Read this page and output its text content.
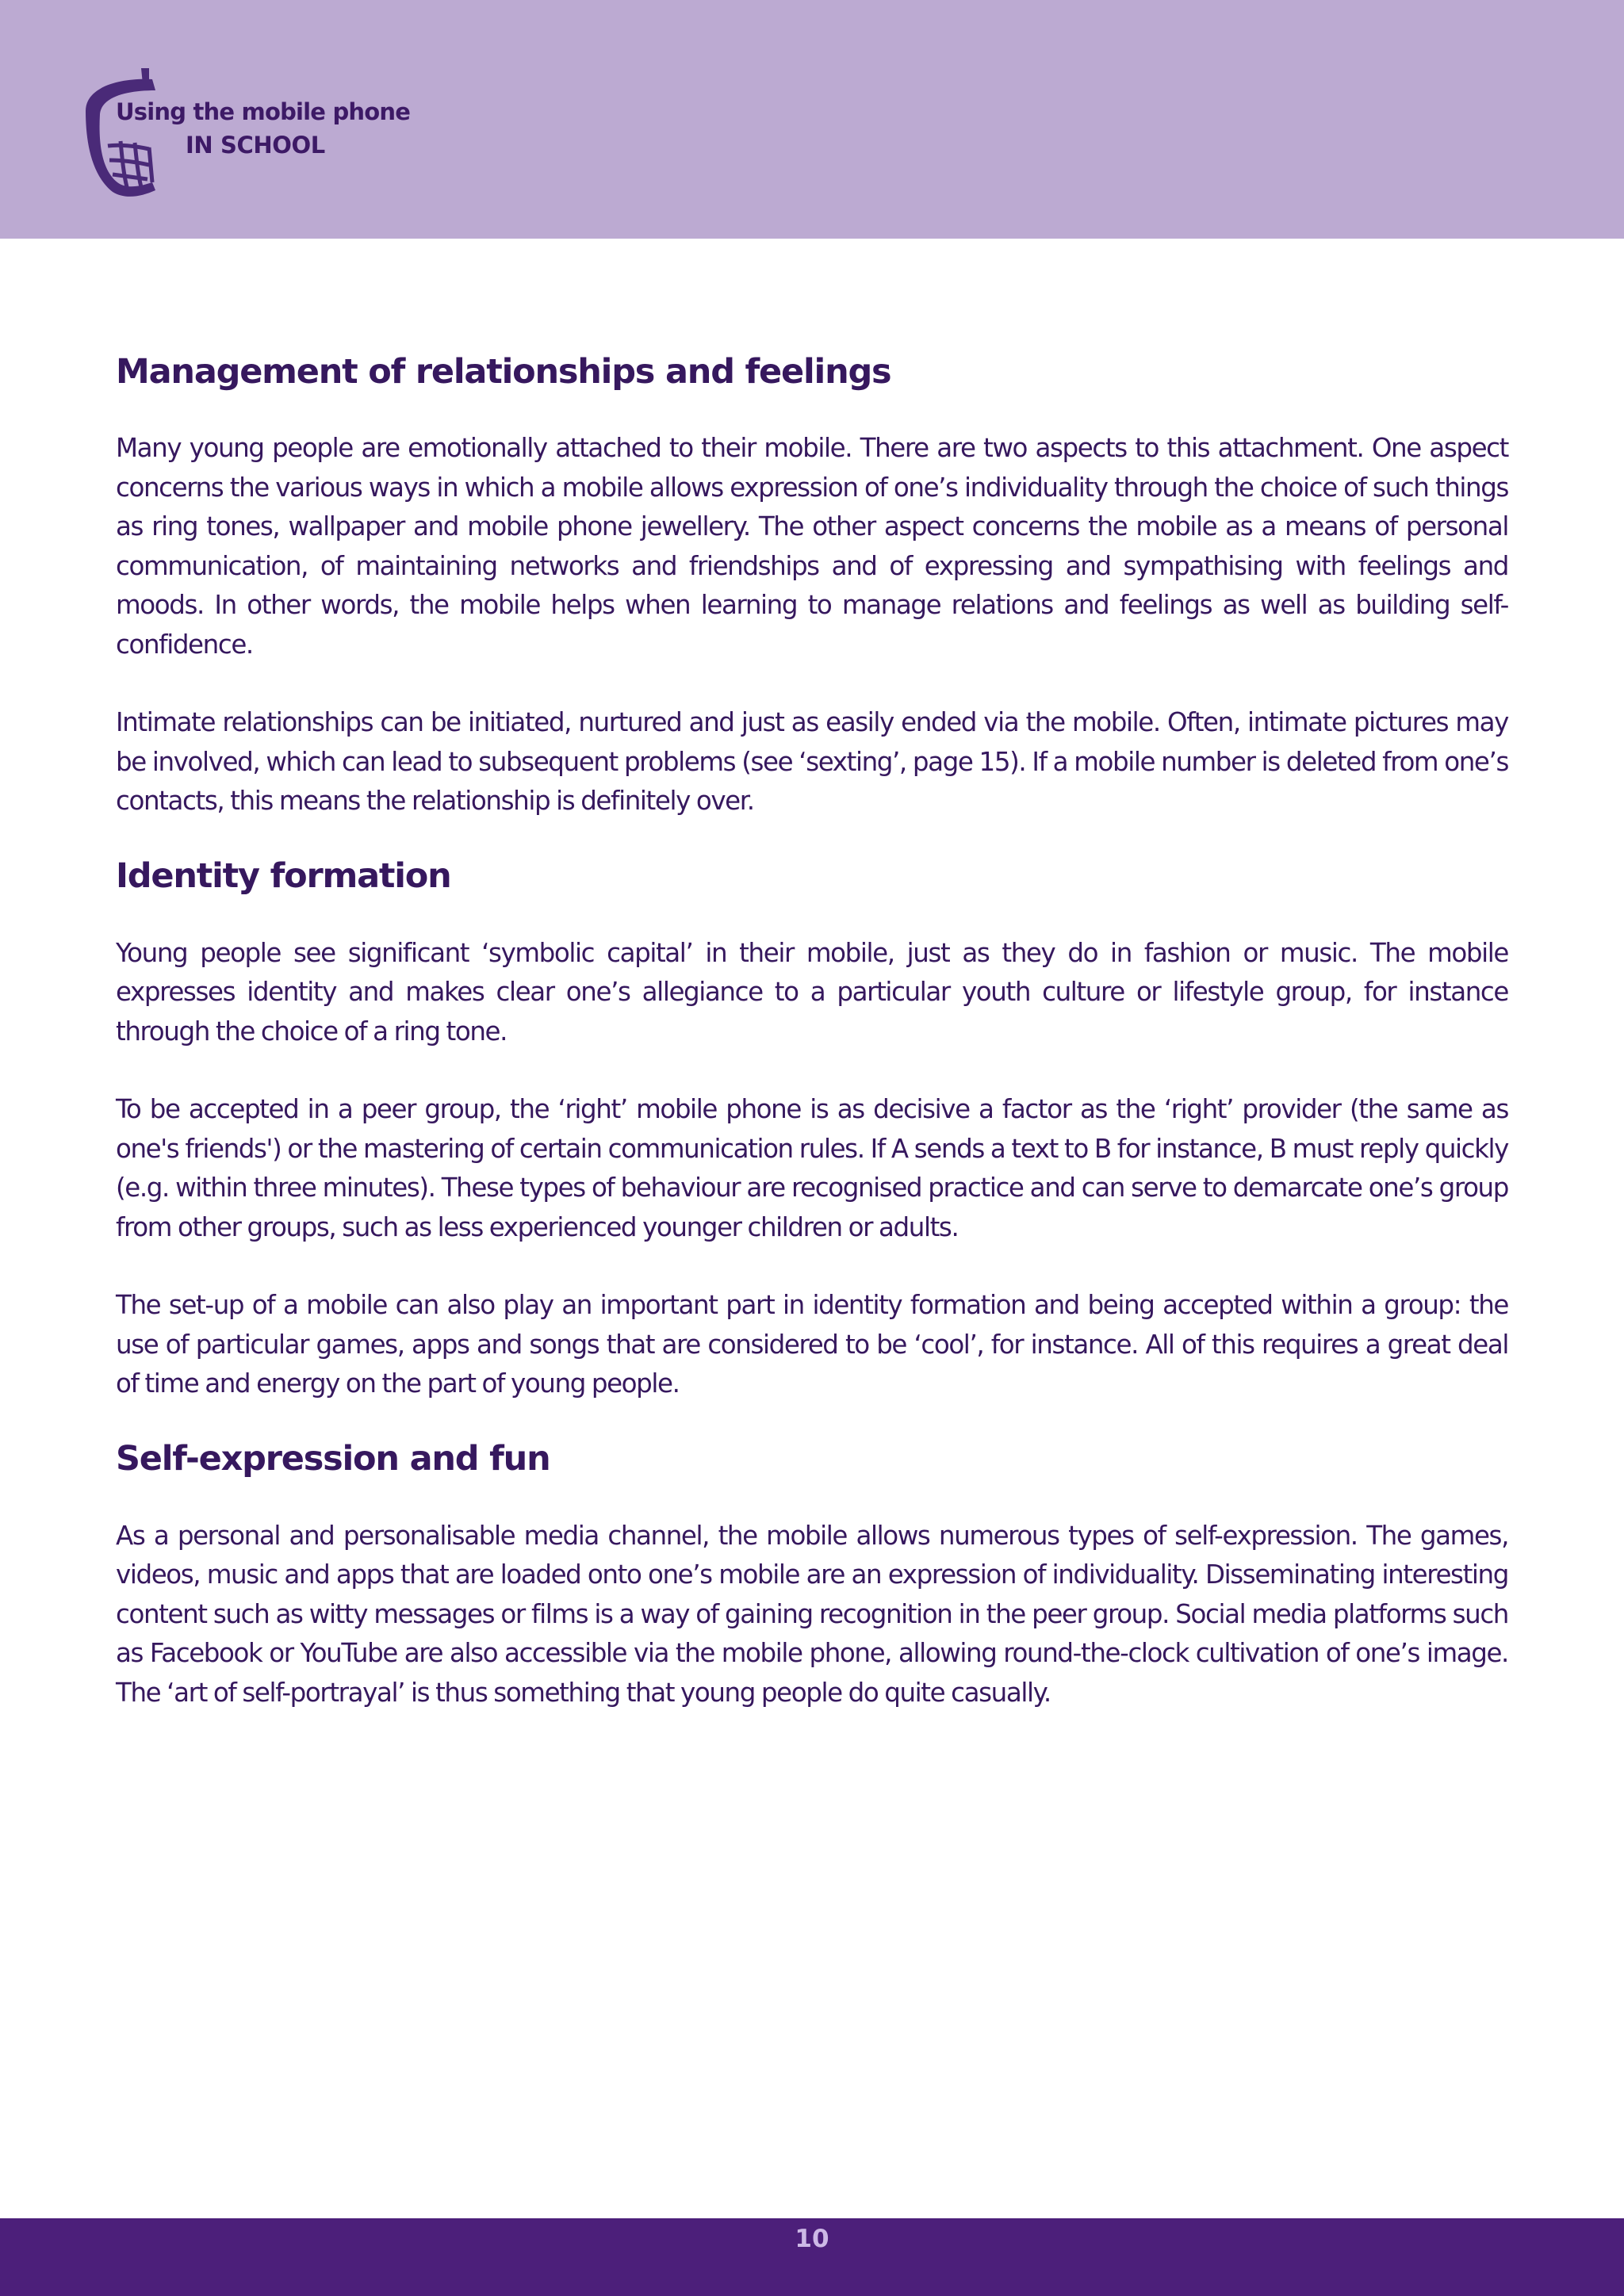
Using the mobile phone
IN SCHOOL
Management of relationships and feelings

Many young people are emotionally attached to their mobile. There are two aspects to this attachment. One aspect concerns the various ways in which a mobile allows expression of one’s individuality through the choice of such things as ring tones, wallpaper and mobile phone jewellery. The other aspect concerns the mobile as a means of personal communication, of maintaining networks and friendships and of expressing and sympathising with feelings and moods. In other words, the mobile helps when learning to manage relations and feelings as well as building self-confidence.

Intimate relationships can be initiated, nurtured and just as easily ended via the mobile. Often, intimate pictures may be involved, which can lead to subsequent problems (see ‘sexting’, page 15). If a mobile number is deleted from one’s contacts, this means the relationship is definitely over.

Identity formation

Young people see significant ‘symbolic capital’ in their mobile, just as they do in fashion or music. The mobile expresses identity and makes clear one’s allegiance to a particular youth culture or lifestyle group, for instance through the choice of a ring tone.

To be accepted in a peer group, the ‘right’ mobile phone is as decisive a factor as the ‘right’ provider (the same as one's friends') or the mastering of certain communication rules. If A sends a text to B for instance, B must reply quickly (e.g. within three minutes). These types of behaviour are recognised practice and can serve to demarcate one’s group from other groups, such as less experienced younger children or adults.

The set-up of a mobile can also play an important part in identity formation and being accepted within a group: the use of particular games, apps and songs that are considered to be ‘cool’, for instance. All of this requires a great deal of time and energy on the part of young people.

Self-expression and fun

As a personal and personalisable media channel, the mobile allows numerous types of self-expression. The games, videos, music and apps that are loaded onto one’s mobile are an expression of individuality. Disseminating interesting content such as witty messages or films is a way of gaining recognition in the peer group. Social media platforms such as Facebook or YouTube are also accessible via the mobile phone, allowing round-the-clock cultivation of one’s image. The ‘art of self-portrayal’ is thus something that young people do quite casually.

10
